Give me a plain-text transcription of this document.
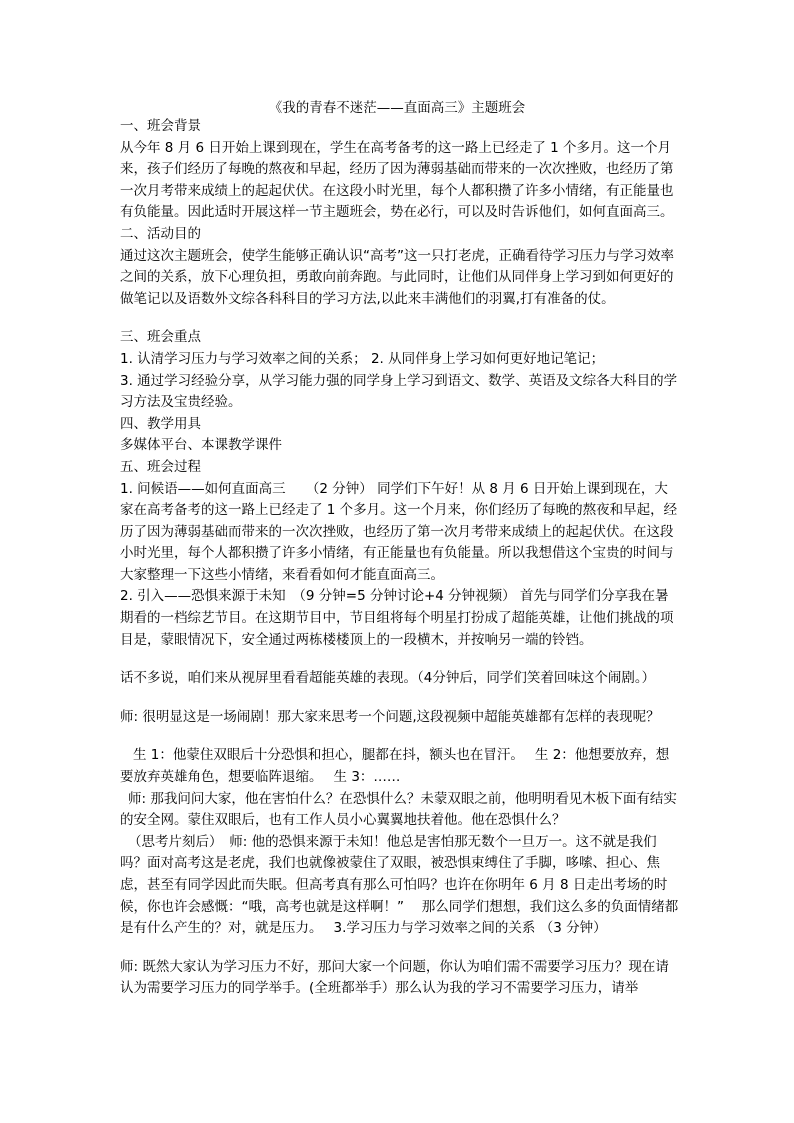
《我的青春不迷茫——直面高三》主题班会

一、班会背景

从今年 8 月 6 日开始上课到现在，学生在高考备考的这一路上已经走了 1 个多月。这一个月来，孩子们经历了每晚的熬夜和早起，经历了因为薄弱基础而带来的一次次挫败，也经历了第一次月考带来成绩上的起起伏伏。在这段小时光里，每个人都积攒了许多小情绪，有正能量也有负能量。因此适时开展这样一节主题班会，势在必行，可以及时告诉他们，如何直面高三。

二、活动目的

通过这次主题班会，使学生能够正确认识“高考”这一只打老虎，正确看待学习压力与学习效率之间的关系，放下心理负担，勇敢向前奔跑。与此同时，让他们从同伴身上学习到如何更好的做笔记以及语数外文综各科科目的学习方法,以此来丰满他们的羽翼,打有准备的仗。

三、班会重点

1. 认清学习压力与学习效率之间的关系； 2. 从同伴身上学习如何更好地记笔记；

3. 通过学习经验分享，从学习能力强的同学身上学习到语文、数学、英语及文综各大科目的学习方法及宝贵经验。

四、教学用具

多媒体平台、本课教学课件

五、班会过程

1. 问候语——如何直面高三　　（2 分钟） 同学们下午好！从 8 月 6 日开始上课到现在，大家在高考备考的这一路上已经走了 1 个多月。这一个月来，你们经历了每晚的熬夜和早起，经历了因为薄弱基础而带来的一次次挫败，也经历了第一次月考带来成绩上的起起伏伏。在这段小时光里，每个人都积攒了许多小情绪，有正能量也有负能量。所以我想借这个宝贵的时间与大家整理一下这些小情绪，来看看如何才能直面高三。

2. 引入——恐惧来源于未知　（9 分钟=5 分钟讨论+4 分钟视频） 首先与同学们分享我在暑期看的一档综艺节目。在这期节目中，节目组将每个明星打扮成了超能英雄，让他们挑战的项目是，蒙眼情况下，安全通过两栋楼楼顶上的一段横木，并按响另一端的铃铛。

话不多说，咱们来从视屏里看看超能英雄的表现。（4分钟后，同学们笑着回味这个闹剧。）

师: 很明显这是一场闹剧！那大家来思考一个问题,这段视频中超能英雄都有怎样的表现呢？

生 1：他蒙住双眼后十分恐惧和担心，腿都在抖，额头也在冒汗。　 生 2：他想要放弃，想要放弃英雄角色，想要临阵退缩。　 生 3：……

师: 那我问问大家，他在害怕什么？在恐惧什么？未蒙双眼之前，他明明看见木板下面有结实的安全网。蒙住双眼后，也有工作人员小心翼翼地扶着他。他在恐惧什么？

（思考片刻后）　师: 他的恐惧来源于未知！他总是害怕那无数个一旦万一。这不就是我们吗？面对高考这是老虎，我们也就像被蒙住了双眼，被恐惧束缚住了手脚，哆嗦、担心、焦虑，甚至有同学因此而失眠。但高考真有那么可怕吗？也许在你明年 6 月 8 日走出考场的时候，你也许会感慨：“哦，高考也就是这样啊！”　 那么同学们想想，我们这么多的负面情绪都是有什么产生的？对，就是压力。　 3.学习压力与学习效率之间的关系 （3 分钟）

师: 既然大家认为学习压力不好，那问大家一个问题，你认为咱们需不需要学习压力？现在请认为需要学习压力的同学举手。(全班都举手）那么认为我的学习不需要学习压力，请举
